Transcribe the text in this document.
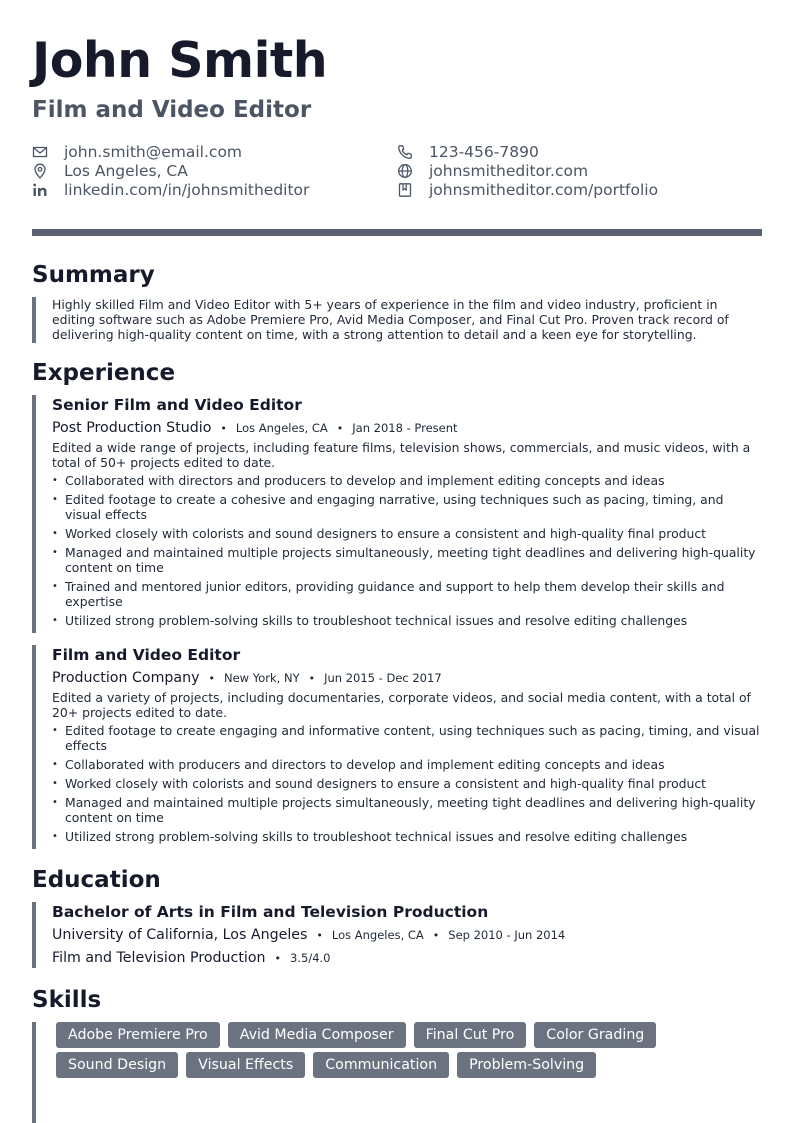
John Smith
Film and Video Editor
john.smith@email.com
Los Angeles, CA
linkedin.com/in/johnsmitheditor
123-456-7890
johnsmitheditor.com
johnsmitheditor.com/portfolio
Summary
Highly skilled Film and Video Editor with 5+ years of experience in the film and video industry, proficient in editing software such as Adobe Premiere Pro, Avid Media Composer, and Final Cut Pro. Proven track record of delivering high-quality content on time, with a strong attention to detail and a keen eye for storytelling.
Experience
Senior Film and Video Editor
Post Production Studio • Los Angeles, CA • Jan 2018 - Present
Edited a wide range of projects, including feature films, television shows, commercials, and music videos, with a total of 50+ projects edited to date.
• Collaborated with directors and producers to develop and implement editing concepts and ideas
• Edited footage to create a cohesive and engaging narrative, using techniques such as pacing, timing, and visual effects
• Worked closely with colorists and sound designers to ensure a consistent and high-quality final product
• Managed and maintained multiple projects simultaneously, meeting tight deadlines and delivering high-quality content on time
• Trained and mentored junior editors, providing guidance and support to help them develop their skills and expertise
• Utilized strong problem-solving skills to troubleshoot technical issues and resolve editing challenges
Film and Video Editor
Production Company • New York, NY • Jun 2015 - Dec 2017
Edited a variety of projects, including documentaries, corporate videos, and social media content, with a total of 20+ projects edited to date.
• Edited footage to create engaging and informative content, using techniques such as pacing, timing, and visual effects
• Collaborated with producers and directors to develop and implement editing concepts and ideas
• Worked closely with colorists and sound designers to ensure a consistent and high-quality final product
• Managed and maintained multiple projects simultaneously, meeting tight deadlines and delivering high-quality content on time
• Utilized strong problem-solving skills to troubleshoot technical issues and resolve editing challenges
Education
Bachelor of Arts in Film and Television Production
University of California, Los Angeles • Los Angeles, CA • Sep 2010 - Jun 2014
Film and Television Production • 3.5/4.0
Skills
Adobe Premiere Pro	Avid Media Composer	Final Cut Pro	Color Grading
Sound Design	Visual Effects	Communication	Problem-Solving
